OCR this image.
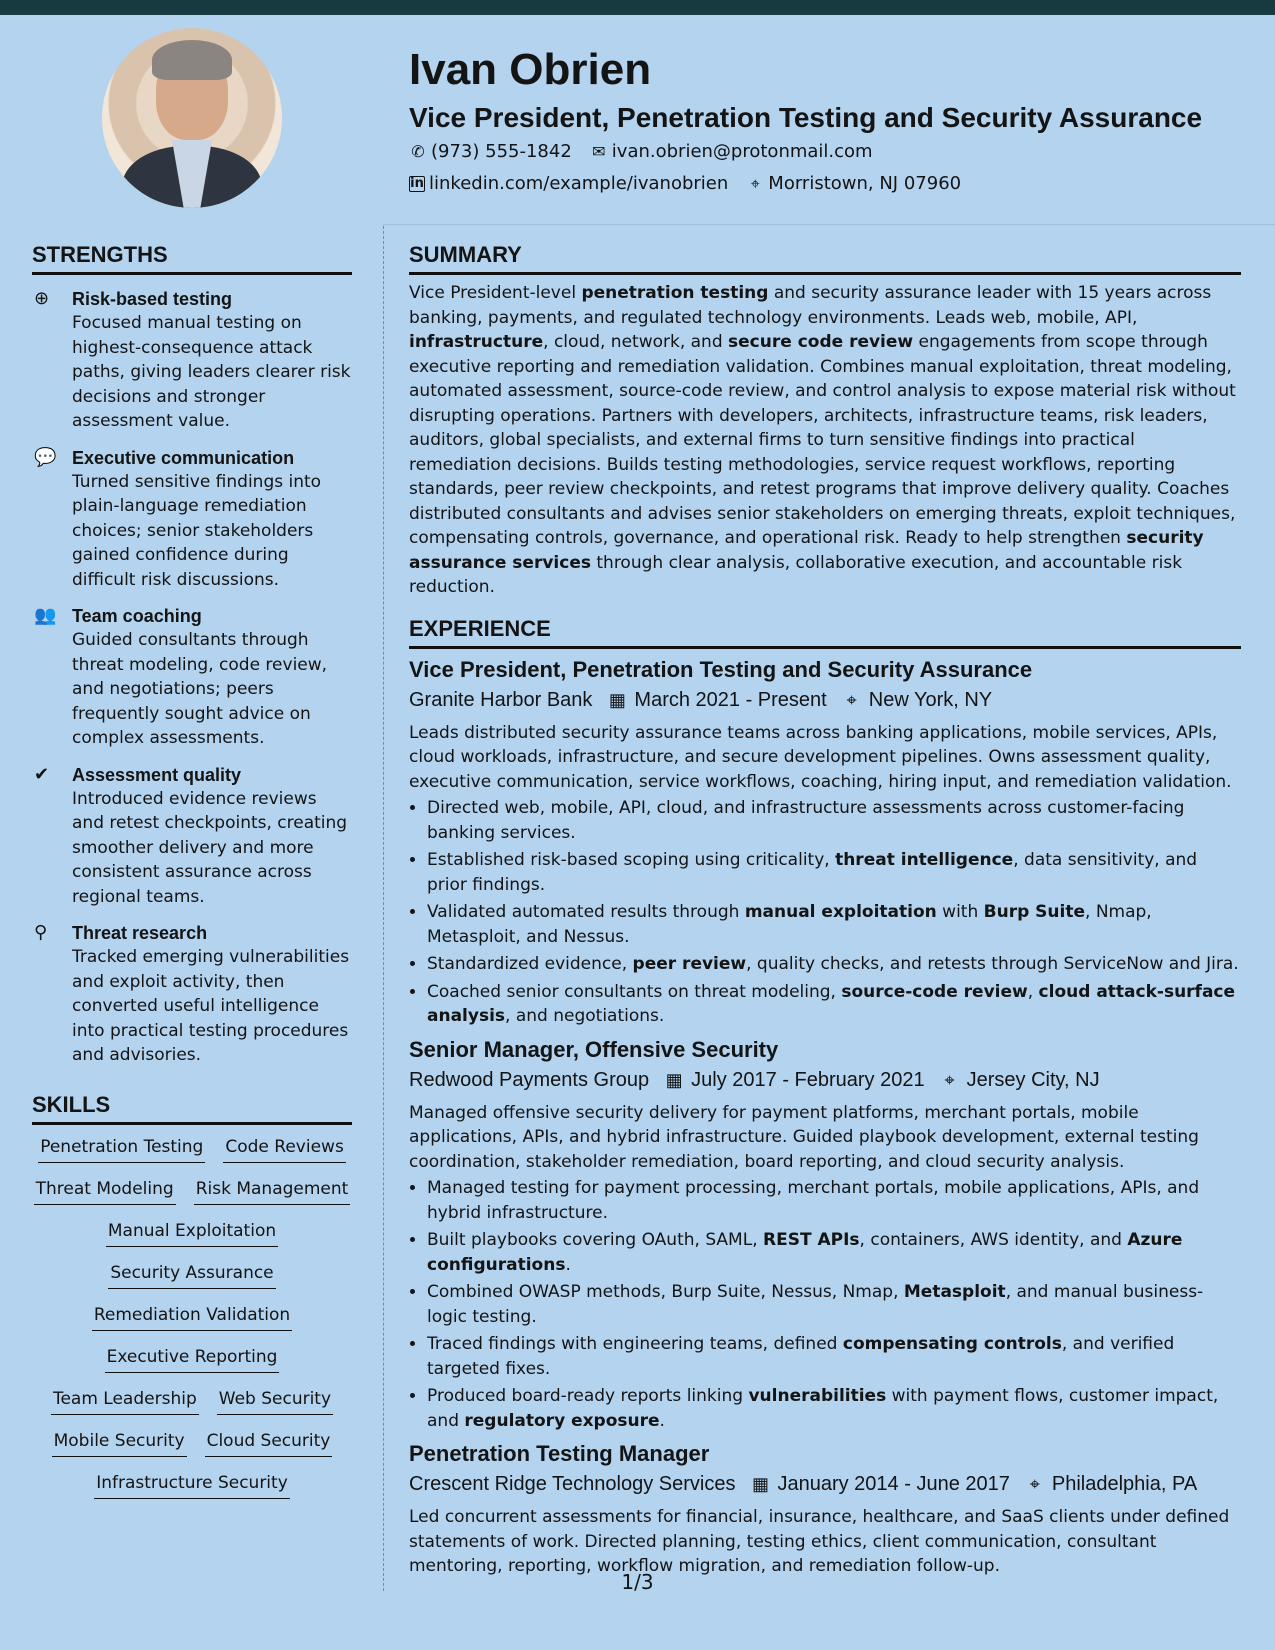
Ivan Obrien
Vice President, Penetration Testing and Security Assurance
✆ (973) 555-1842 ✉ ivan.obrien@protonmail.com
in linkedin.com/example/ivanobrien ⌖ Morristown, NJ 07960
STRENGTHS
⊕	Risk-based testing
Focused manual testing on highest-consequence attack paths, giving leaders clearer risk decisions and stronger assessment value.
💬 Executive communication
Turned sensitive findings into plain-language remediation choices; senior stakeholders gained confidence during difficult risk discussions.
👥 Team coaching
Guided consultants through threat modeling, code review, and negotiations; peers frequently sought advice on complex assessments.
✔	Assessment quality
Introduced evidence reviews and retest checkpoints, creating smoother delivery and more consistent assurance across regional teams.
⚲	Threat research
Tracked emerging vulnerabilities and exploit activity, then converted useful intelligence into practical testing procedures and advisories.
SKILLS
Penetration Testing Code Reviews
Threat Modeling Risk Management
Manual Exploitation
Security Assurance
Remediation Validation
Executive Reporting
Team Leadership Web Security
Mobile Security Cloud Security
Infrastructure Security
SUMMARY

Vice President-level penetration testing and security assurance leader with 15 years across banking, payments, and regulated technology environments. Leads web, mobile, API, infrastructure, cloud, network, and secure code review engagements from scope through executive reporting and remediation validation. Combines manual exploitation, threat modeling, automated assessment, source-code review, and control analysis to expose material risk without disrupting operations. Partners with developers, architects, infrastructure teams, risk leaders, auditors, global specialists, and external firms to turn sensitive findings into practical remediation decisions. Builds testing methodologies, service request workflows, reporting standards, peer review checkpoints, and retest programs that improve delivery quality. Coaches distributed consultants and advises senior stakeholders on emerging threats, exploit techniques, compensating controls, governance, and operational risk. Ready to help strengthen security assurance services through clear analysis, collaborative execution, and accountable risk reduction.

EXPERIENCE
Vice President, Penetration Testing and Security Assurance
Granite Harbor Bank ▦ March 2021 - Present ⌖ New York, NY

Leads distributed security assurance teams across banking applications, mobile services, APIs, cloud workloads, infrastructure, and secure development pipelines. Owns assessment quality, executive communication, service workflows, coaching, hiring input, and remediation validation.

• Directed web, mobile, API, cloud, and infrastructure assessments across customer-facing banking services.
• Established risk-based scoping using criticality, threat intelligence, data sensitivity, and prior findings.
• Validated automated results through manual exploitation with Burp Suite, Nmap, Metasploit, and Nessus.
• Standardized evidence, peer review, quality checks, and retests through ServiceNow and Jira.
• Coached senior consultants on threat modeling, source-code review, cloud attack-surface analysis, and negotiations.
Senior Manager, Offensive Security
Redwood Payments Group ▦ July 2017 - February 2021 ⌖ Jersey City, NJ

Managed offensive security delivery for payment platforms, merchant portals, mobile applications, APIs, and hybrid infrastructure. Guided playbook development, external testing coordination, stakeholder remediation, board reporting, and cloud security analysis.

• Managed testing for payment processing, merchant portals, mobile applications, APIs, and hybrid infrastructure.
• Built playbooks covering OAuth, SAML, REST APIs, containers, AWS identity, and Azure configurations.
• Combined OWASP methods, Burp Suite, Nessus, Nmap, Metasploit, and manual business-logic testing.
• Traced findings with engineering teams, defined compensating controls, and verified targeted fixes.
• Produced board-ready reports linking vulnerabilities with payment flows, customer impact, and regulatory exposure.
Penetration Testing Manager
Crescent Ridge Technology Services ▦ January 2014 - June 2017 ⌖ Philadelphia, PA

Led concurrent assessments for financial, insurance, healthcare, and SaaS clients under defined statements of work. Directed planning, testing ethics, client communication, consultant mentoring, reporting, workflow migration, and remediation follow-up.

1/3
